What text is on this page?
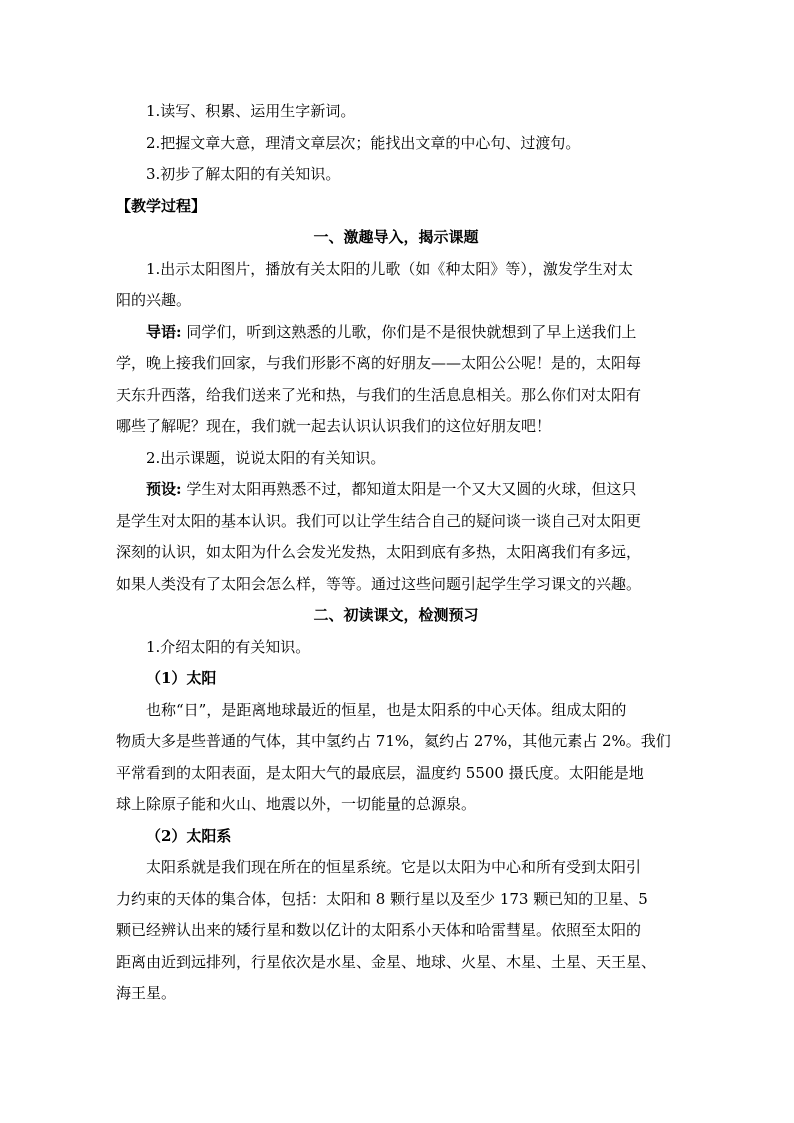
1.读写、积累、运用生字新词。
2.把握文章大意，理清文章层次；能找出文章的中心句、过渡句。
3.初步了解太阳的有关知识。
【教学过程】
一、激趣导入，揭示课题
1.出示太阳图片，播放有关太阳的儿歌（如《种太阳》等），激发学生对太
阳的兴趣。
导语: 同学们，听到这熟悉的儿歌，你们是不是很快就想到了早上送我们上
学，晚上接我们回家，与我们形影不离的好朋友——太阳公公呢！是的，太阳每
天东升西落，给我们送来了光和热，与我们的生活息息相关。那么你们对太阳有
哪些了解呢？现在，我们就一起去认识认识我们的这位好朋友吧！
2.出示课题，说说太阳的有关知识。
预设: 学生对太阳再熟悉不过，都知道太阳是一个又大又圆的火球，但这只
是学生对太阳的基本认识。我们可以让学生结合自己的疑问谈一谈自己对太阳更
深刻的认识，如太阳为什么会发光发热，太阳到底有多热，太阳离我们有多远，
如果人类没有了太阳会怎么样，等等。通过这些问题引起学生学习课文的兴趣。
二、初读课文，检测预习
1.介绍太阳的有关知识。
（1）太阳
也称“日”，是距离地球最近的恒星，也是太阳系的中心天体。组成太阳的
物质大多是些普通的气体，其中氢约占 71%，氦约占 27%，其他元素占 2%。我们
平常看到的太阳表面，是太阳大气的最底层，温度约 5500 摄氏度。太阳能是地
球上除原子能和火山、地震以外，一切能量的总源泉。
（2）太阳系
太阳系就是我们现在所在的恒星系统。它是以太阳为中心和所有受到太阳引
力约束的天体的集合体，包括：太阳和 8 颗行星以及至少 173 颗已知的卫星、5
颗已经辨认出来的矮行星和数以亿计的太阳系小天体和哈雷彗星。依照至太阳的
距离由近到远排列，行星依次是水星、金星、地球、火星、木星、土星、天王星、
海王星。
